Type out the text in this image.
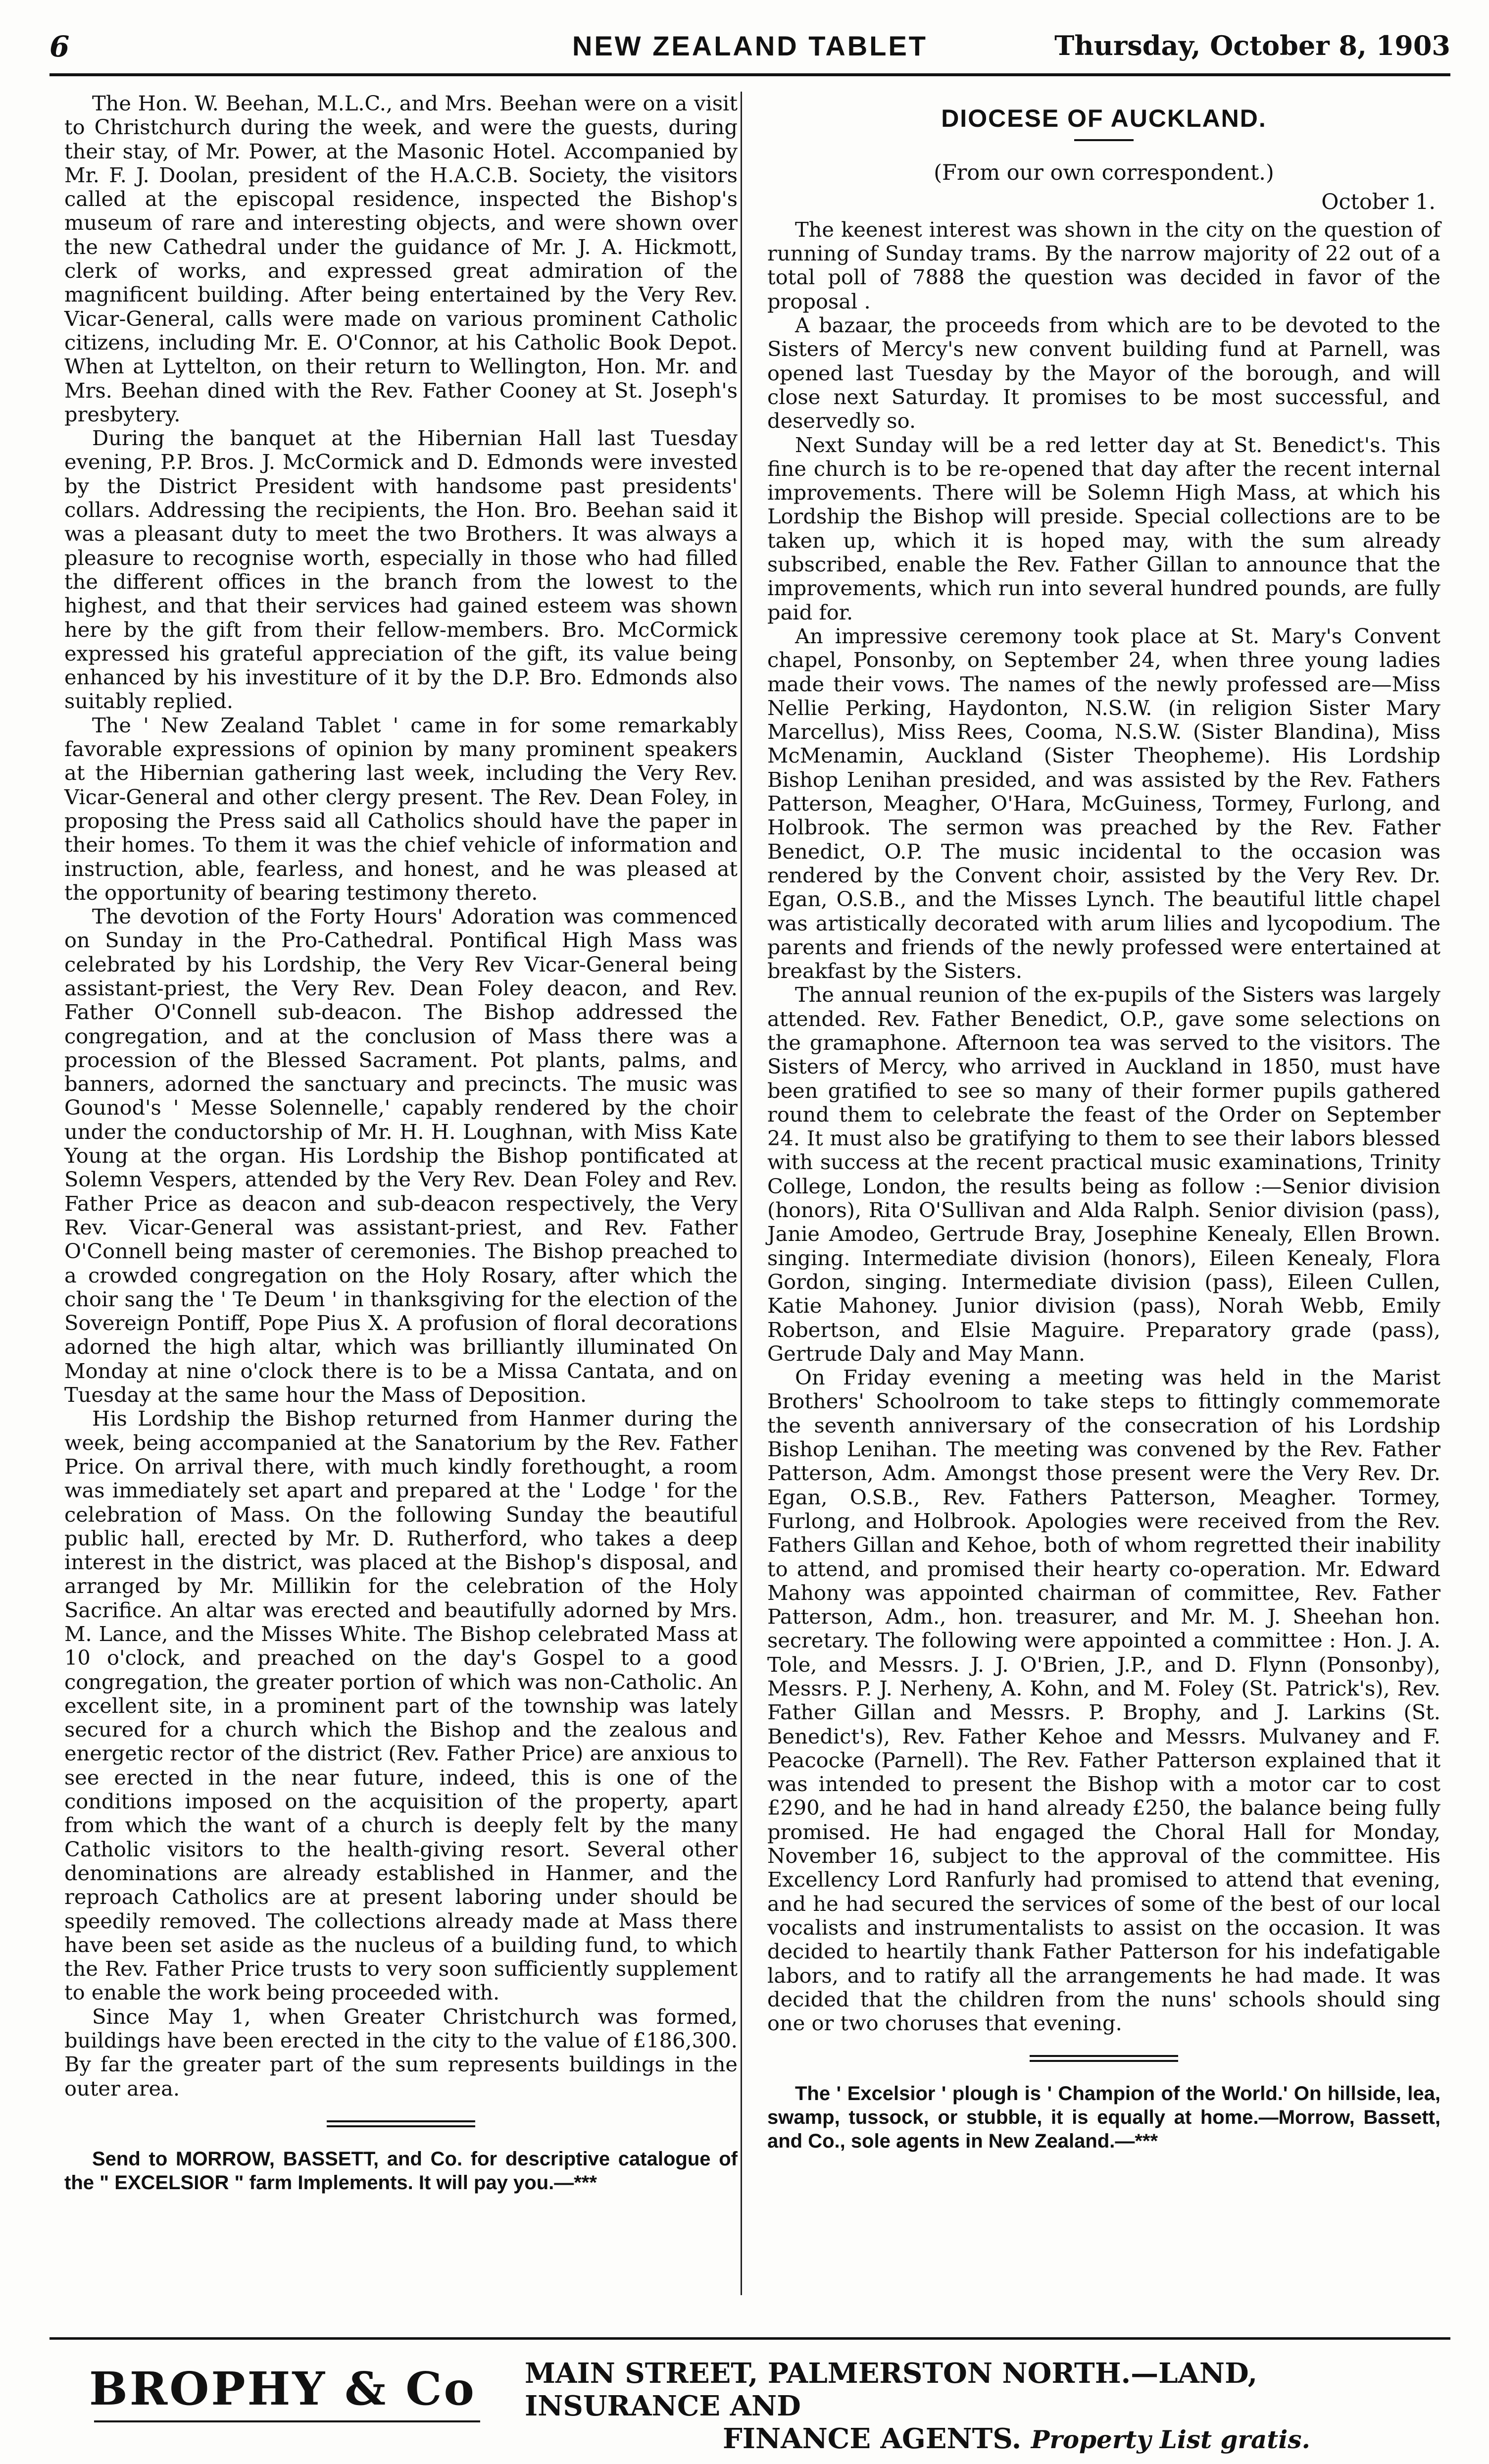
6	NEW ZEALAND TABLET	Thursday, October 8, 1903

The Hon. W. Beehan, M.L.C., and Mrs. Beehan were on a visit to Christchurch during the week, and were the guests, during their stay, of Mr. Power, at the Masonic Hotel. Accompanied by Mr. F. J. Doolan, president of the H.A.C.B. Society, the visitors called at the episcopal residence, inspected the Bishop's museum of rare and interesting objects, and were shown over the new Cathedral under the guidance of Mr. J. A. Hickmott, clerk of works, and expressed great admiration of the magnificent building. After being entertained by the Very Rev. Vicar-General, calls were made on various prominent Catholic citizens, including Mr. E. O'Connor, at his Catholic Book Depot. When at Lyttelton, on their return to Wellington, Hon. Mr. and Mrs. Beehan dined with the Rev. Father Cooney at St. Joseph's presbytery.

During the banquet at the Hibernian Hall last Tuesday evening, P.P. Bros. J. McCormick and D. Edmonds were invested by the District President with handsome past presidents' collars. Addressing the recipients, the Hon. Bro. Beehan said it was a pleasant duty to meet the two Brothers. It was always a pleasure to recognise worth, especially in those who had filled the different offices in the branch from the lowest to the highest, and that their services had gained esteem was shown here by the gift from their fellow-members. Bro. McCormick expressed his grateful appreciation of the gift, its value being enhanced by his investiture of it by the D.P. Bro. Edmonds also suitably replied.

The ' New Zealand Tablet ' came in for some remarkably favorable expressions of opinion by many prominent speakers at the Hibernian gathering last week, including the Very Rev. Vicar-General and other clergy present. The Rev. Dean Foley, in proposing the Press said all Catholics should have the paper in their homes. To them it was the chief vehicle of information and instruction, able, fearless, and honest, and he was pleased at the opportunity of bearing testimony thereto.

The devotion of the Forty Hours' Adoration was commenced on Sunday in the Pro-Cathedral. Pontifical High Mass was celebrated by his Lordship, the Very Rev Vicar-General being assistant-priest, the Very Rev. Dean Foley deacon, and Rev. Father O'Connell sub-deacon. The Bishop addressed the congregation, and at the conclusion of Mass there was a procession of the Blessed Sacrament. Pot plants, palms, and banners, adorned the sanctuary and precincts. The music was Gounod's ' Messe Solennelle,' capably rendered by the choir under the conductorship of Mr. H. H. Loughnan, with Miss Kate Young at the organ. His Lordship the Bishop pontificated at Solemn Vespers, attended by the Very Rev. Dean Foley and Rev. Father Price as deacon and sub-deacon respectively, the Very Rev. Vicar-General was assistant-priest, and Rev. Father O'Connell being master of ceremonies. The Bishop preached to a crowded congregation on the Holy Rosary, after which the choir sang the ' Te Deum ' in thanksgiving for the election of the Sovereign Pontiff, Pope Pius X. A profusion of floral decorations adorned the high altar, which was brilliantly illuminated On Monday at nine o'clock there is to be a Missa Cantata, and on Tuesday at the same hour the Mass of Deposition.

His Lordship the Bishop returned from Hanmer during the week, being accompanied at the Sanatorium by the Rev. Father Price. On arrival there, with much kindly forethought, a room was immediately set apart and prepared at the ' Lodge ' for the celebration of Mass. On the following Sunday the beautiful public hall, erected by Mr. D. Rutherford, who takes a deep interest in the district, was placed at the Bishop's disposal, and arranged by Mr. Millikin for the celebration of the Holy Sacrifice. An altar was erected and beautifully adorned by Mrs. M. Lance, and the Misses White. The Bishop celebrated Mass at 10 o'clock, and preached on the day's Gospel to a good congregation, the greater portion of which was non-Catholic. An excellent site, in a prominent part of the township was lately secured for a church which the Bishop and the zealous and energetic rector of the district (Rev. Father Price) are anxious to see erected in the near future, indeed, this is one of the conditions imposed on the acquisition of the property, apart from which the want of a church is deeply felt by the many Catholic visitors to the health-giving resort. Several other denominations are already established in Hanmer, and the reproach Catholics are at present laboring under should be speedily removed. The collections already made at Mass there have been set aside as the nucleus of a building fund, to which the Rev. Father Price trusts to very soon sufficiently supplement to enable the work being proceeded with.

Since May 1, when Greater Christchurch was formed, buildings have been erected in the city to the value of £186,300. By far the greater part of the sum represents buildings in the outer area.

Send to MORROW, BASSETT, and Co. for descriptive catalogue of the " EXCELSIOR " farm Implements. It will pay you.—***

DIOCESE OF AUCKLAND.
(From our own correspondent.)
October 1.

The keenest interest was shown in the city on the question of running of Sunday trams. By the narrow majority of 22 out of a total poll of 7888 the question was decided in favor of the proposal .

A bazaar, the proceeds from which are to be devoted to the Sisters of Mercy's new convent building fund at Parnell, was opened last Tuesday by the Mayor of the borough, and will close next Saturday. It promises to be most successful, and deservedly so.

Next Sunday will be a red letter day at St. Benedict's. This fine church is to be re-opened that day after the recent internal improvements. There will be Solemn High Mass, at which his Lordship the Bishop will preside. Special collections are to be taken up, which it is hoped may, with the sum already subscribed, enable the Rev. Father Gillan to announce that the improvements, which run into several hundred pounds, are fully paid for.

An impressive ceremony took place at St. Mary's Convent chapel, Ponsonby, on September 24, when three young ladies made their vows. The names of the newly professed are—Miss Nellie Perking, Haydonton, N.S.W. (in religion Sister Mary Marcellus), Miss Rees, Cooma, N.S.W. (Sister Blandina), Miss McMenamin, Auckland (Sister Theopheme). His Lordship Bishop Lenihan presided, and was assisted by the Rev. Fathers Patterson, Meagher, O'Hara, McGuiness, Tormey, Furlong, and Holbrook. The sermon was preached by the Rev. Father Benedict, O.P. The music incidental to the occasion was rendered by the Convent choir, assisted by the Very Rev. Dr. Egan, O.S.B., and the Misses Lynch. The beautiful little chapel was artistically decorated with arum lilies and lycopodium. The parents and friends of the newly professed were entertained at breakfast by the Sisters.

The annual reunion of the ex-pupils of the Sisters was largely attended. Rev. Father Benedict, O.P., gave some selections on the gramaphone. Afternoon tea was served to the visitors. The Sisters of Mercy, who arrived in Auckland in 1850, must have been gratified to see so many of their former pupils gathered round them to celebrate the feast of the Order on September 24. It must also be gratifying to them to see their labors blessed with success at the recent practical music examinations, Trinity College, London, the results being as follow :—Senior division (honors), Rita O'Sullivan and Alda Ralph. Senior division (pass), Janie Amodeo, Gertrude Bray, Josephine Kenealy, Ellen Brown. singing. Intermediate division (honors), Eileen Kenealy, Flora Gordon, singing. Intermediate division (pass), Eileen Cullen, Katie Mahoney. Junior division (pass), Norah Webb, Emily Robertson, and Elsie Maguire. Preparatory grade (pass), Gertrude Daly and May Mann.

On Friday evening a meeting was held in the Marist Brothers' Schoolroom to take steps to fittingly commemorate the seventh anniversary of the consecration of his Lordship Bishop Lenihan. The meeting was convened by the Rev. Father Patterson, Adm. Amongst those present were the Very Rev. Dr. Egan, O.S.B., Rev. Fathers Patterson, Meagher. Tormey, Furlong, and Holbrook. Apologies were received from the Rev. Fathers Gillan and Kehoe, both of whom regretted their inability to attend, and promised their hearty co-operation. Mr. Edward Mahony was appointed chairman of committee, Rev. Father Patterson, Adm., hon. treasurer, and Mr. M. J. Sheehan hon. secretary. The following were appointed a committee : Hon. J. A. Tole, and Messrs. J. J. O'Brien, J.P., and D. Flynn (Ponsonby), Messrs. P. J. Nerheny, A. Kohn, and M. Foley (St. Patrick's), Rev. Father Gillan and Messrs. P. Brophy, and J. Larkins (St. Benedict's), Rev. Father Kehoe and Messrs. Mulvaney and F. Peacocke (Parnell). The Rev. Father Patterson explained that it was intended to present the Bishop with a motor car to cost £290, and he had in hand already £250, the balance being fully promised. He had engaged the Choral Hall for Monday, November 16, subject to the approval of the committee. His Excellency Lord Ranfurly had promised to attend that evening, and he had secured the services of some of the best of our local vocalists and instrumentalists to assist on the occasion. It was decided to heartily thank Father Patterson for his indefatigable labors, and to ratify all the arrangements he had made. It was decided that the children from the nuns' schools should sing one or two choruses that evening.

The ' Excelsior ' plough is ' Champion of the World.' On hillside, lea, swamp, tussock, or stubble, it is equally at home.—Morrow, Bassett, and Co., sole agents in New Zealand.—***

BROPHY & Co MAIN STREET, PALMERSTON NORTH.—LAND, INSURANCE AND
FINANCE AGENTS. Property List gratis.
